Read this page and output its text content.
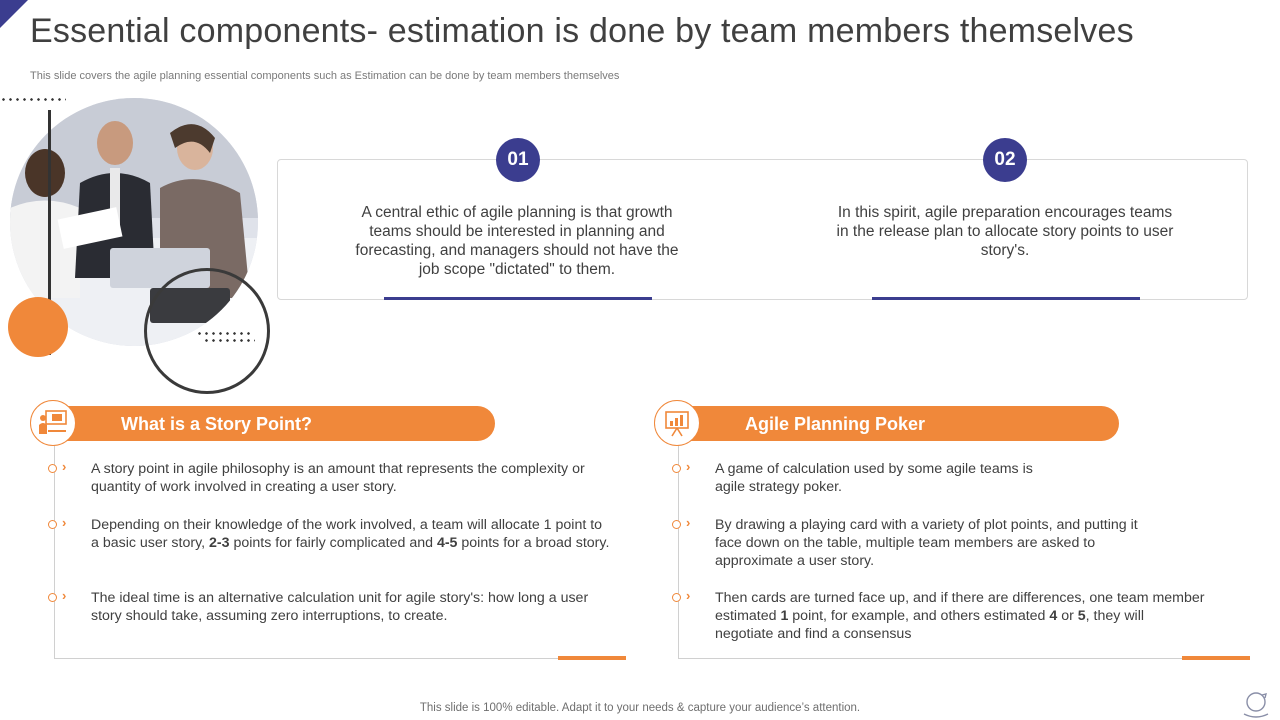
Essential components- estimation is done by team members themselves
This slide covers the agile planning essential components such as Estimation can be done by team members themselves
01
A central ethic of agile planning is that growth teams should be interested in planning and forecasting, and managers should not have the job scope "dictated" to them.
02
In this spirit, agile preparation encourages teams in the release plan to allocate story points to user story's.
What is a Story Point?
› A story point in agile philosophy is an amount that represents the complexity or quantity of work involved in creating a user story.
› Depending on their knowledge of the work involved, a team will allocate 1 point to a basic user story, 2-3 points for fairly complicated and 4-5 points for a broad story.
› The ideal time is an alternative calculation unit for agile story's: how long a user story should take, assuming zero interruptions, to create.
Agile Planning Poker
› A game of calculation used by some agile teams is agile strategy poker.
› By drawing a playing card with a variety of plot points, and putting it face down on the table, multiple team members are asked to approximate a user story.
› Then cards are turned face up, and if there are differences, one team member estimated 1 point, for example, and others estimated 4 or 5, they will negotiate and find a consensus
This slide is 100% editable. Adapt it to your needs & capture your audience’s attention.
